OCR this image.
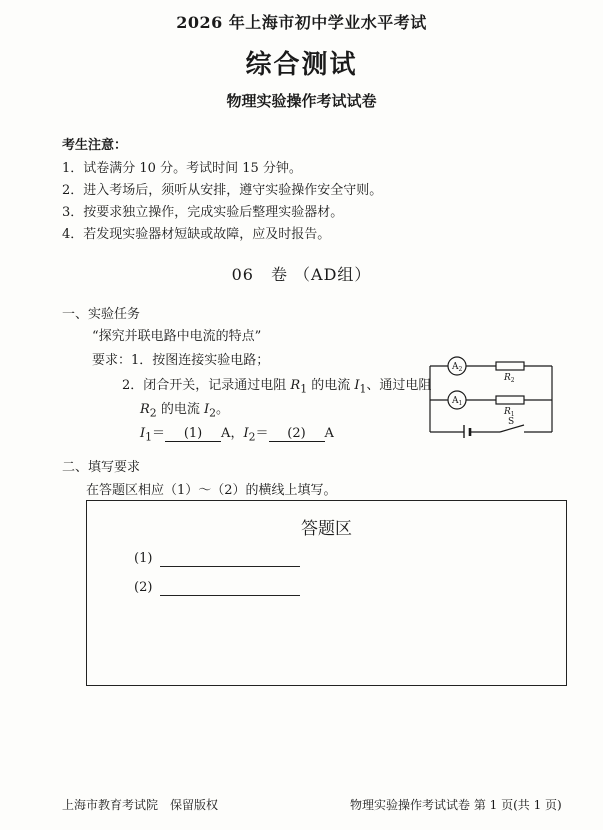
2026 年上海市初中学业水平考试
综合测试
物理实验操作考试试卷
考生注意：
1．试卷满分 10 分。考试时间 15 分钟。
2．进入考场后，须听从安排，遵守实验操作安全守则。
3．按要求独立操作，完成实验后整理实验器材。
4．若发现实验器材短缺或故障，应及时报告。
06　卷 （AD组）
一、实验任务
“探究并联电路中电流的特点”
要求：1．按图连接实验电路；
2．闭合开关，记录通过电阻 $R_1$ 的电流 $I_1$、通过电阻
$R_2$ 的电流 $I_2$。
$I_1= (1)$ A，$I_2= (2)$ A
$A_2$
$R_2$
$A_1$
$R_1$
S
二、填写要求
在答题区相应（1）～（2）的横线上填写。
答题区
(1)
(2)
上海市教育考试院　保留版权	物理实验操作考试试卷 第 1 页(共 1 页)
